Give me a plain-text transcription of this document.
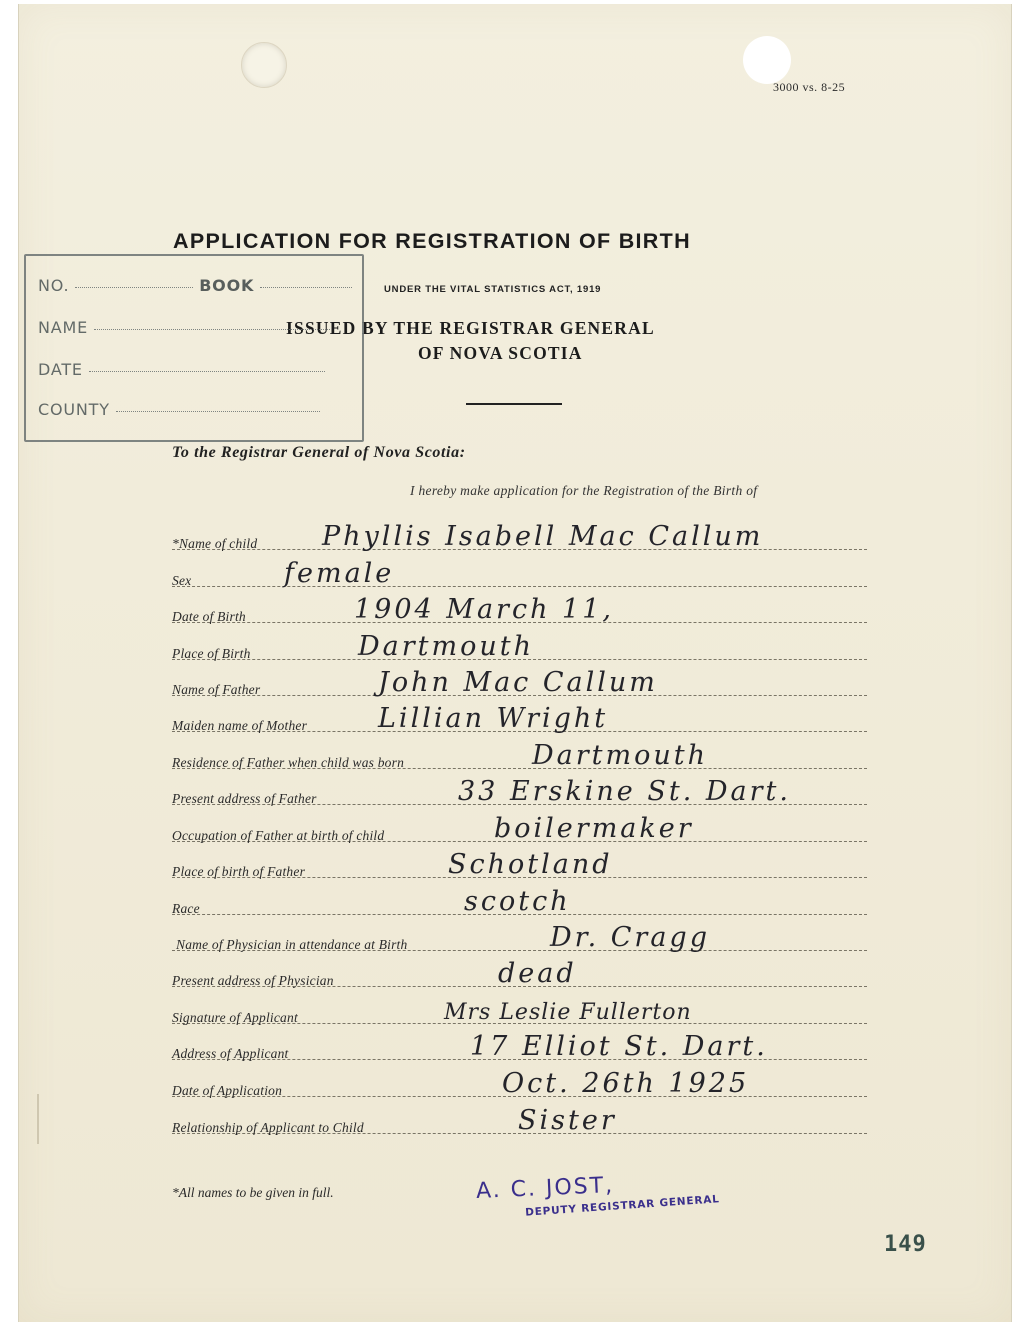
3000 vs. 8-25
APPLICATION FOR REGISTRATION OF BIRTH
UNDER THE VITAL STATISTICS ACT, 1919
ISSUED BY THE REGISTRAR GENERAL
OF NOVA SCOTIA
NO.	BOOK
NAME
DATE
COUNTY
To the Registrar General of Nova Scotia:
I hereby make application for the Registration of the Birth of
*Name of child Phyllis Isabell Mac Callum
Sex	female
Date of Birth	1904 March 11,
Place of Birth	Dartmouth
Name of Father	John Mac Callum
Maiden name of Mother	Lillian Wright
Residence of Father when child was born	Dartmouth
Present address of Father	33 Erskine St. Dart.
Occupation of Father at birth of child	boilermaker
Place of birth of Father	Schotland
Race	scotch
Name of Physician in attendance at Birth	Dr. Cragg
Present address of Physician	dead
Signature of Applicant	Mrs Leslie Fullerton
Address of Applicant	17 Elliot St. Dart.
Date of Application	Oct. 26th 1925
Relationship of Applicant to Child	Sister
*All names to be given in full.	A. C. JOST,
DEPUTY REGISTRAR GENERAL
149
